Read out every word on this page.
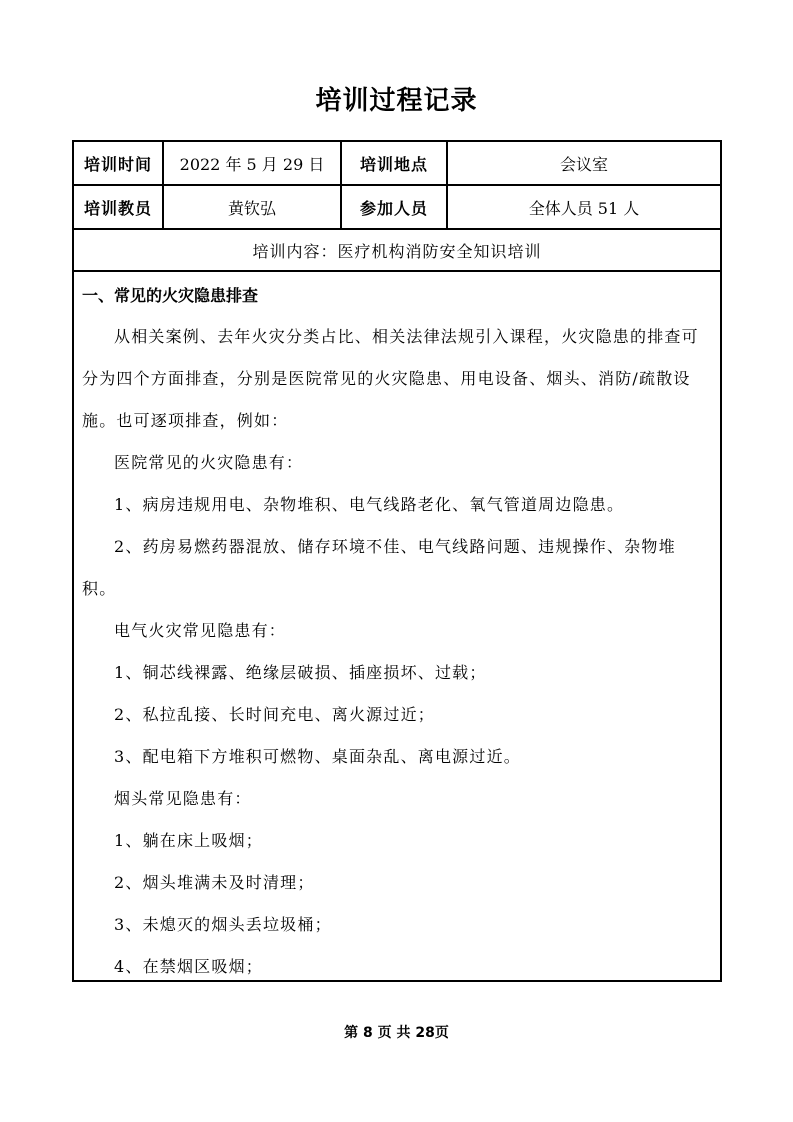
培训过程记录
培训时间	2022 年 5 月 29 日	培训地点	会议室
培训教员	黄钦弘	参加人员	全体人员 51 人
培训内容：医疗机构消防安全知识培训
一、常见的火灾隐患排查
从相关案例、去年火灾分类占比、相关法律法规引入课程，火灾隐患的排查可分为四个方面排查，分别是医院常见的火灾隐患、用电设备、烟头、消防/疏散设施。也可逐项排查，例如：
医院常见的火灾隐患有：
1、病房违规用电、杂物堆积、电气线路老化、氧气管道周边隐患。
2、药房易燃药器混放、储存环境不佳、电气线路问题、违规操作、杂物堆积。
电气火灾常见隐患有：
1、铜芯线裸露、绝缘层破损、插座损坏、过载；
2、私拉乱接、长时间充电、离火源过近；
3、配电箱下方堆积可燃物、桌面杂乱、离电源过近。
烟头常见隐患有：
1、躺在床上吸烟；
2、烟头堆满未及时清理；
3、未熄灭的烟头丢垃圾桶；
4、在禁烟区吸烟；
第 8 页 共 28页
